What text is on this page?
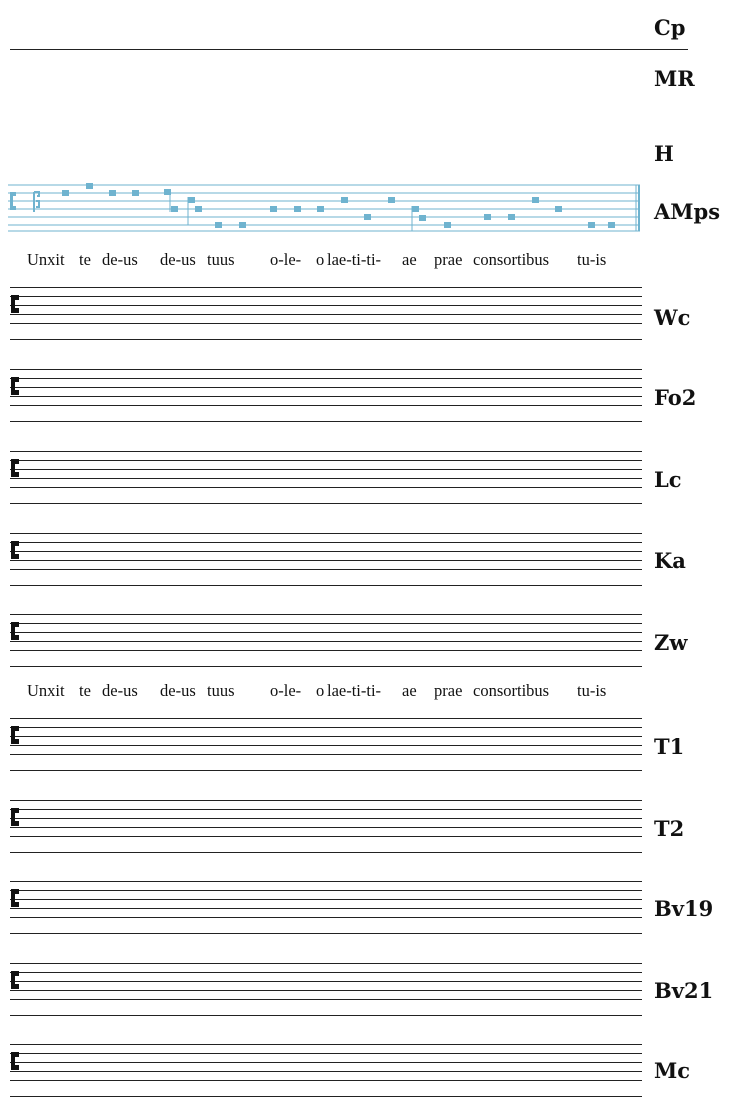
Cp
MR
H
AMps
Unxit te de-us de-us tuus o-le- o lae-ti-ti- ae prae consortibus tu-is
Wc
Fo2
Lc
Ka
Zw
Unxit te de-us de-us tuus o-le- o lae-ti-ti- ae prae consortibus tu-is
T1
T2
Bv19
Bv21
Mc
